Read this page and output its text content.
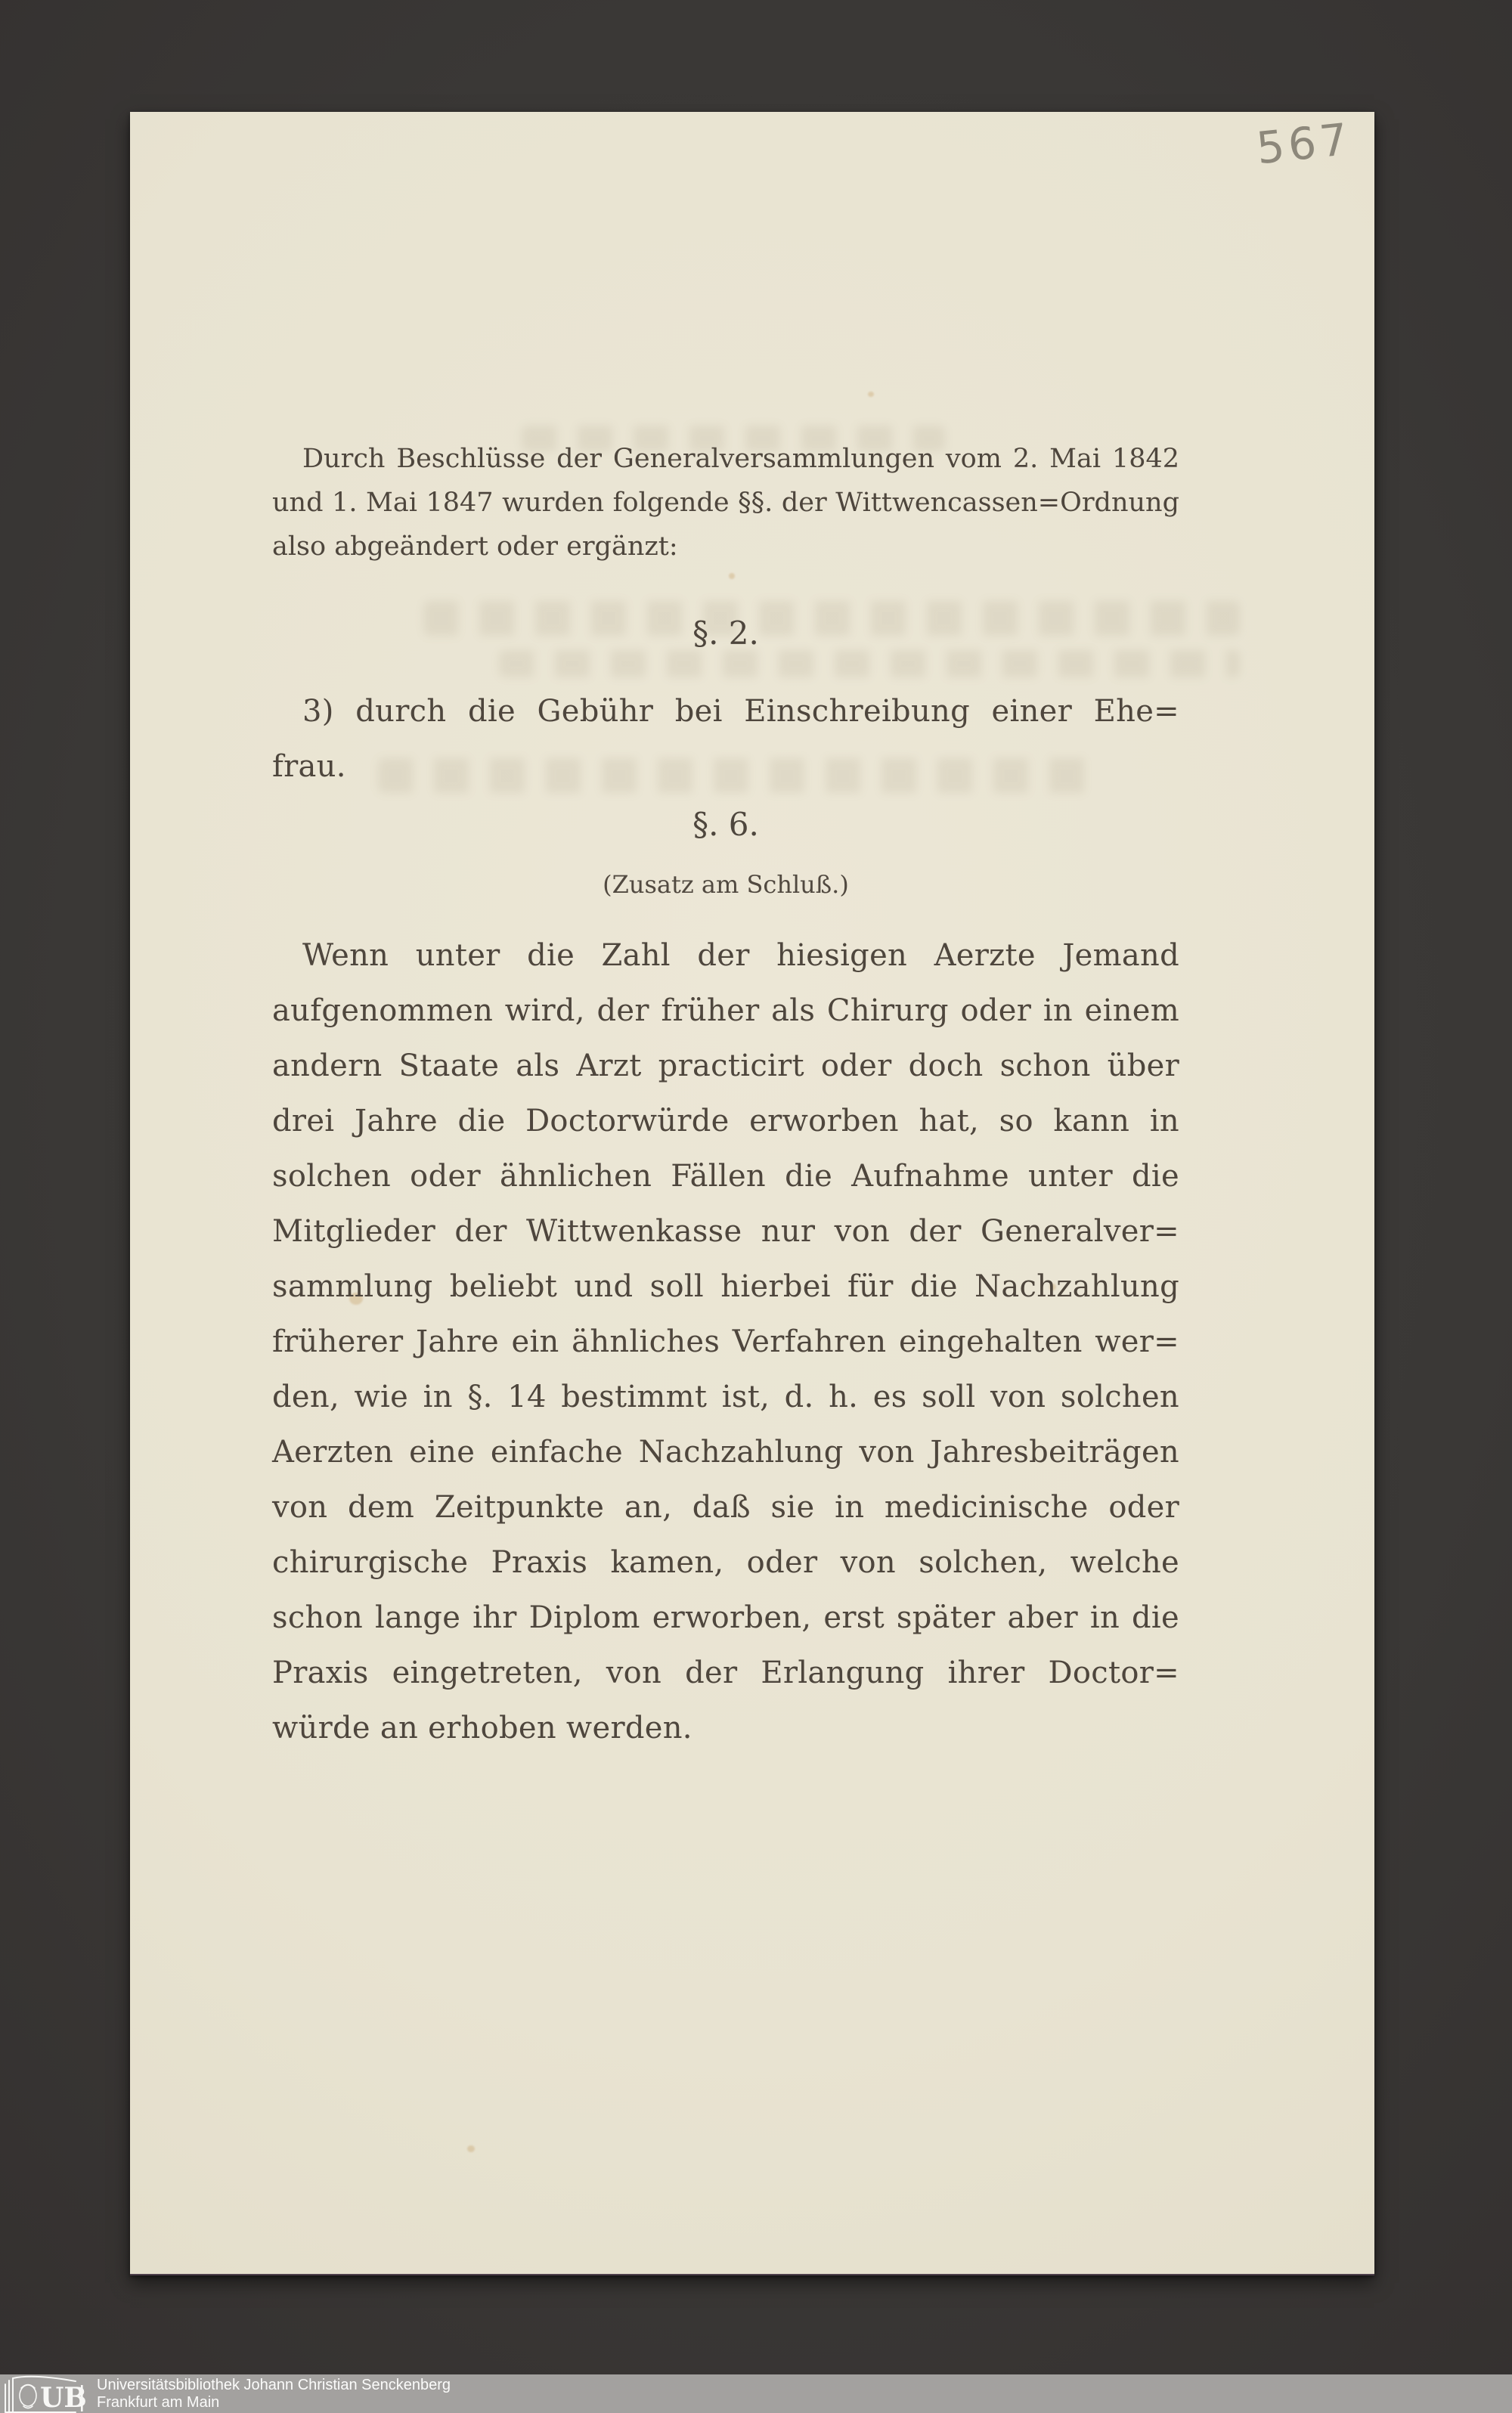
567
Durch Beschlüsse der Generalversammlungen vom 2. Mai 1842
und 1. Mai 1847 wurden folgende §§. der Wittwencassen=Ordnung
also abgeändert oder ergänzt:
§. 2.
3) durch die Gebühr bei Einschreibung einer Ehe=
frau.
§. 6.
(Zusatz am Schluß.)
Wenn unter die Zahl der hiesigen Aerzte Jemand
aufgenommen wird, der früher als Chirurg oder in einem
andern Staate als Arzt practicirt oder doch schon über
drei Jahre die Doctorwürde erworben hat, so kann in
solchen oder ähnlichen Fällen die Aufnahme unter die
Mitglieder der Wittwenkasse nur von der Generalver=
sammlung beliebt und soll hierbei für die Nachzahlung
früherer Jahre ein ähnliches Verfahren eingehalten wer=
den, wie in §. 14 bestimmt ist, d. h. es soll von solchen
Aerzten eine einfache Nachzahlung von Jahresbeiträgen
von dem Zeitpunkte an, daß sie in medicinische oder
chirurgische Praxis kamen, oder von solchen, welche
schon lange ihr Diplom erworben, erst später aber in die
Praxis eingetreten, von der Erlangung ihrer Doctor=
würde an erhoben werden.
UB Universitätsbibliothek Johann Christian Senckenberg
Frankfurt am Main
